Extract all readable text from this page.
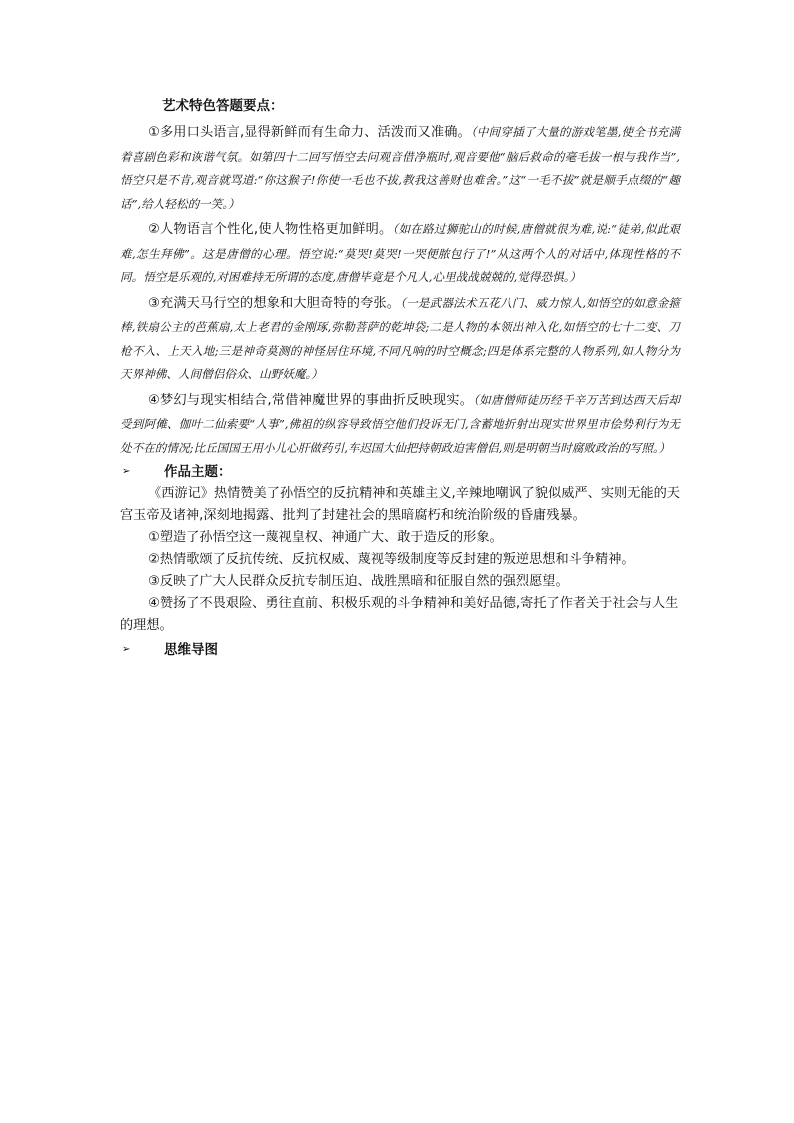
艺术特色答题要点：

①多用口头语言,显得新鲜而有生命力、活泼而又准确。（中间穿插了大量的游戏笔墨,使全书充满着喜剧色彩和诙谐气氛。如第四十二回写悟空去问观音借净瓶时,观音要他“脑后救命的毫毛拔一根与我作当”,悟空只是不肯,观音就骂道:“你这猴子!你使一毛也不拔,教我这善财也难舍。”这“一毛不拔”就是顺手点缀的“趣话”,给人轻松的一笑。）

②人物语言个性化,使人物性格更加鲜明。（如在路过狮驼山的时候,唐僧就很为难,说:“徒弟,似此艰难,怎生拜佛”。这是唐僧的心理。悟空说:“莫哭!莫哭!一哭便脓包行了!”从这两个人的对话中,体现性格的不同。悟空是乐观的,对困难持无所谓的态度,唐僧毕竟是个凡人,心里战战兢兢的,觉得恐惧。）

③充满天马行空的想象和大胆奇特的夸张。（一是武器法术五花八门、威力惊人,如悟空的如意金箍棒,铁扇公主的芭蕉扇,太上老君的金刚琢,弥勒菩萨的乾坤袋;二是人物的本领出神入化,如悟空的七十二变、刀枪不入、上天入地;三是神奇莫测的神怪居住环境,不同凡响的时空概念;四是体系完整的人物系列,如人物分为天界神佛、人间僧侣俗众、山野妖魔。）

④梦幻与现实相结合,常借神魔世界的事曲折反映现实。（如唐僧师徒历经千辛万苦到达西天后却受到阿傩、伽叶二仙索要“人事”,佛祖的纵容导致悟空他们投诉无门,含蓄地折射出现实世界里市侩势利行为无处不在的情况;比丘国国王用小儿心肝做药引,车迟国大仙把持朝政迫害僧侣,则是明朝当时腐败政治的写照。）

➢	作品主题：

《西游记》热情赞美了孙悟空的反抗精神和英雄主义,辛辣地嘲讽了貌似威严、实则无能的天宫玉帝及诸神,深刻地揭露、批判了封建社会的黑暗腐朽和统治阶级的昏庸残暴。

①塑造了孙悟空这一蔑视皇权、神通广大、敢于造反的形象。

②热情歌颂了反抗传统、反抗权威、蔑视等级制度等反封建的叛逆思想和斗争精神。

③反映了广大人民群众反抗专制压迫、战胜黑暗和征服自然的强烈愿望。

④赞扬了不畏艰险、勇往直前、积极乐观的斗争精神和美好品德,寄托了作者关于社会与人生的理想。

➢	思维导图
